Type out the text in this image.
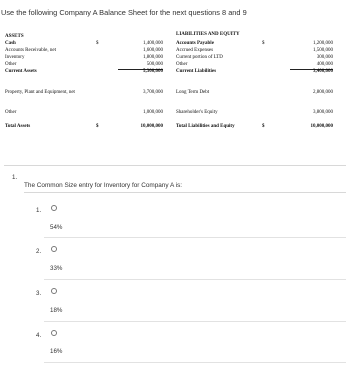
Use the following Company A Balance Sheet for the next questions 8 and 9
ASSETS
Cash	$	1,400,000
Accounts Receivable, net	1,600,000
Inventory	1,800,000
Other	500,000
Current Assets	5,300,000
Property, Plant and Equipment, net	3,700,000
Other	1,000,000
Total Assets	$	10,000,000
LIABILITIES AND EQUITY
Accounts Payable	$	1,200,000
Accrued Expenses	1,500,000
Current portion of LTD	300,000
Other	400,000
Current Liabilities	3,400,000
Long Term Debt	2,800,000
Shareholder's Equity	3,800,000
Total Liabilities and Equity	$	10,000,000
1.
The Common Size entry for Inventory for Company A is:
1.
54%
2.
33%
3.
18%
4.
16%
